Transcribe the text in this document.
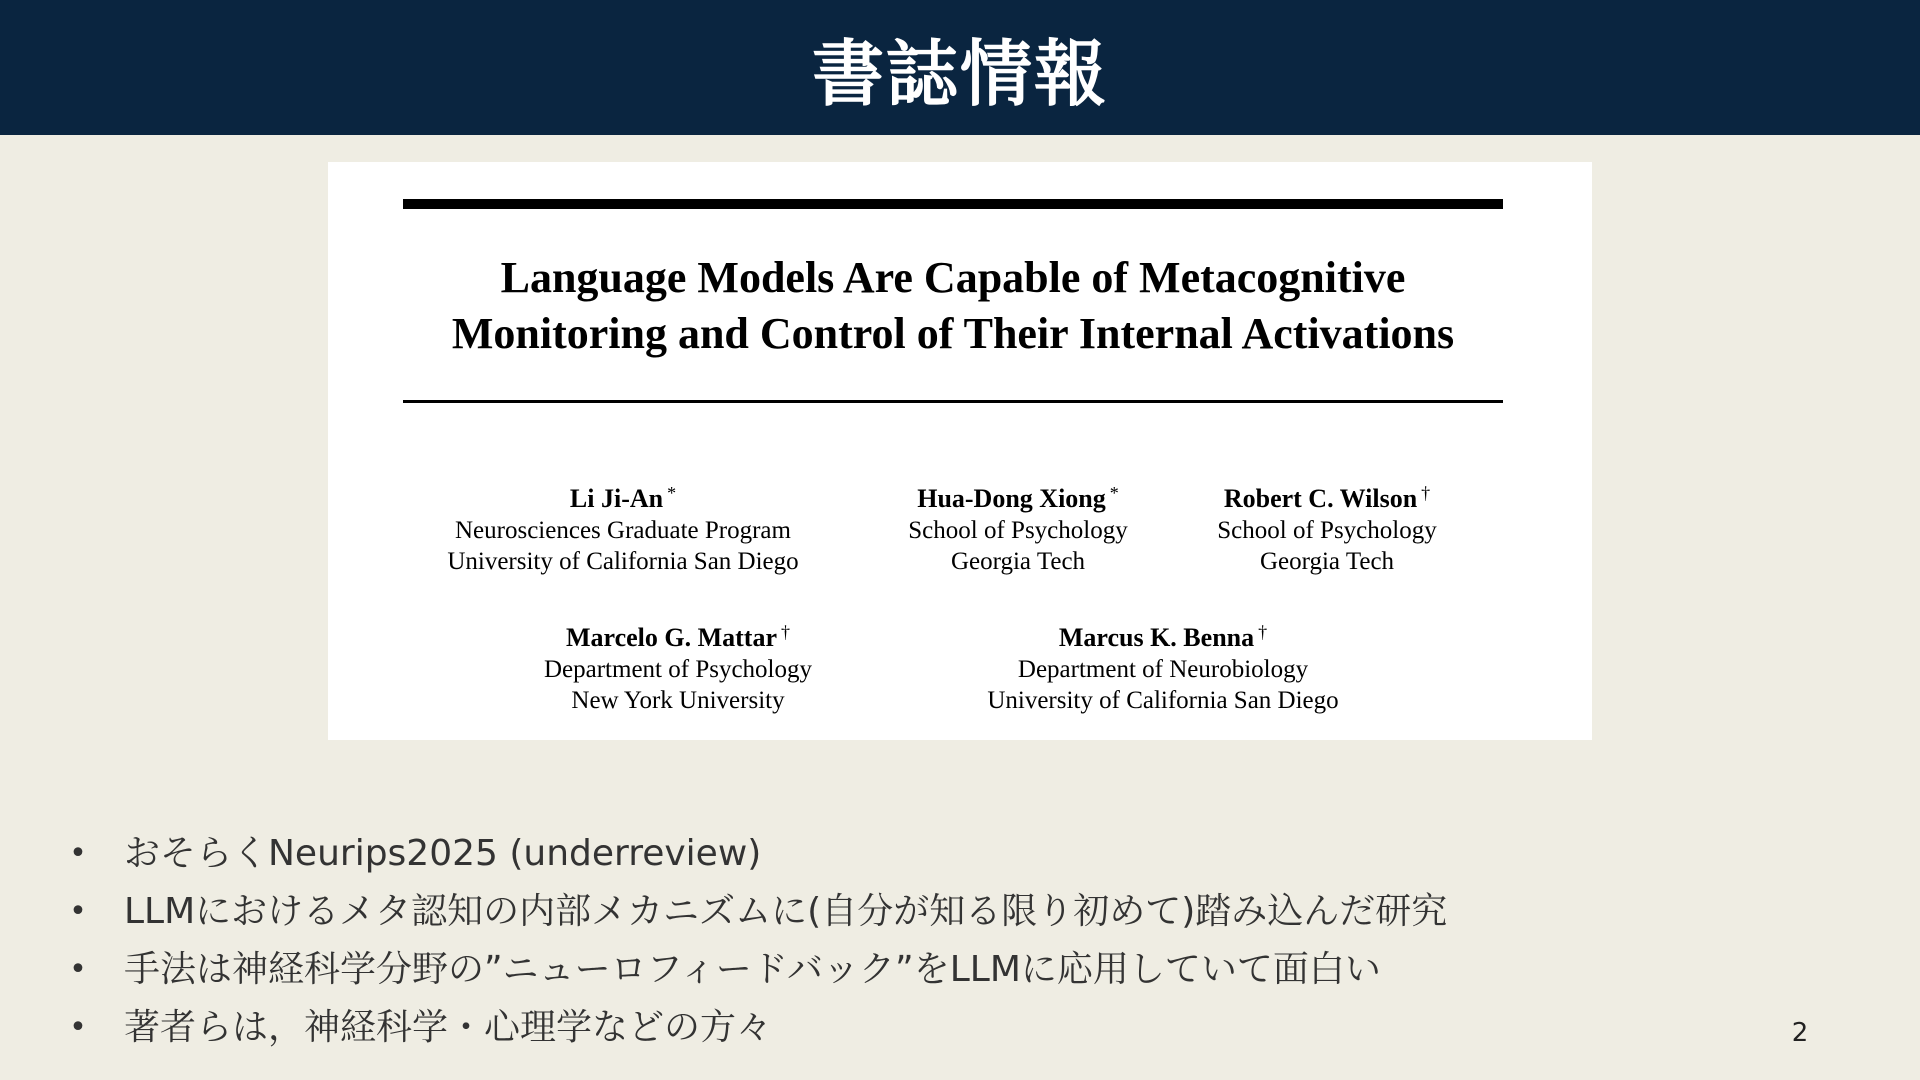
書誌情報
Language Models Are Capable of Metacognitive
Monitoring and Control of Their Internal Activations
Li Ji-An *
Neurosciences Graduate Program
University of California San Diego
Hua-Dong Xiong *
School of Psychology
Georgia Tech
Robert C. Wilson †
School of Psychology
Georgia Tech
Marcelo G. Mattar †
Department of Psychology
New York University
Marcus K. Benna †
Department of Neurobiology
University of California San Diego
• おそらくNeurips2025 (underreview)
• LLMにおけるメタ認知の内部メカニズムに(自分が知る限り初めて)踏み込んだ研究
• 手法は神経科学分野の”ニューロフィードバック”をLLMに応用していて面白い
• 著者らは，神経科学・心理学などの方々	2
